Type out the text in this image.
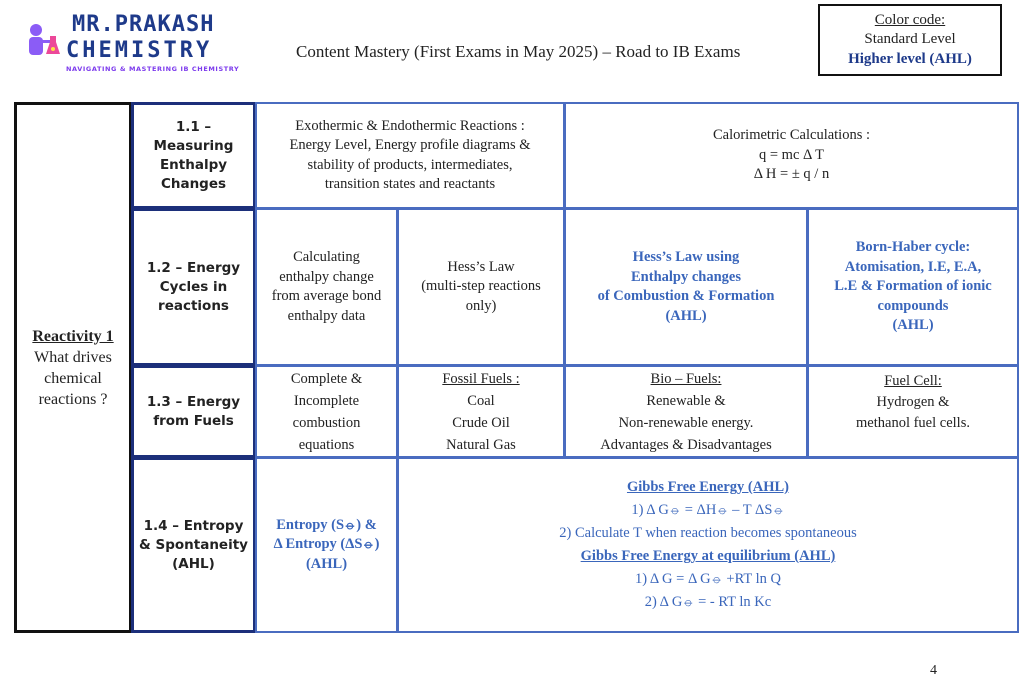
MR.PRAKASH
CHEMISTRY
NAVIGATING & MASTERING IB CHEMISTRY
Content Mastery (First Exams in May 2025) – Road to IB Exams
Color code:
Standard Level
Higher level (AHL)
Reactivity 1
What drives
chemical
reactions ?
1.1 –
Measuring
Enthalpy
Changes
Exothermic & Endothermic Reactions :
Energy Level, Energy profile diagrams &
stability of products, intermediates,
transition states and reactants
Calorimetric Calculations :
q = mc Δ T
Δ H = ± q / n
1.2 – Energy
Cycles in
reactions
Calculating
enthalpy change
from average bond
enthalpy data
Hess’s Law
(multi-step reactions
only)
Hess’s Law using
Enthalpy changes
of Combustion & Formation
(AHL)
Born-Haber cycle:
Atomisation, I.E, E.A,
L.E & Formation of ionic
compounds
(AHL)
1.3 – Energy
from Fuels
Complete &
Incomplete
combustion
equations
Fossil Fuels :
Coal
Crude Oil
Natural Gas
Bio – Fuels:
Renewable &
Non-renewable energy.
Advantages & Disadvantages
Fuel Cell:
Hydrogen &
methanol fuel cells.
1.4 – Entropy
& Spontaneity
(AHL)
Entropy (S⦵) &
Δ Entropy (ΔS⦵)
(AHL)
Gibbs Free Energy (AHL)
1) Δ G⦵ = ΔH⦵ – T ΔS⦵
2) Calculate T when reaction becomes spontaneous
Gibbs Free Energy at equilibrium (AHL)
1) Δ G = Δ G⦵ +RT ln Q
2) Δ G⦵ = - RT ln Kc
4
